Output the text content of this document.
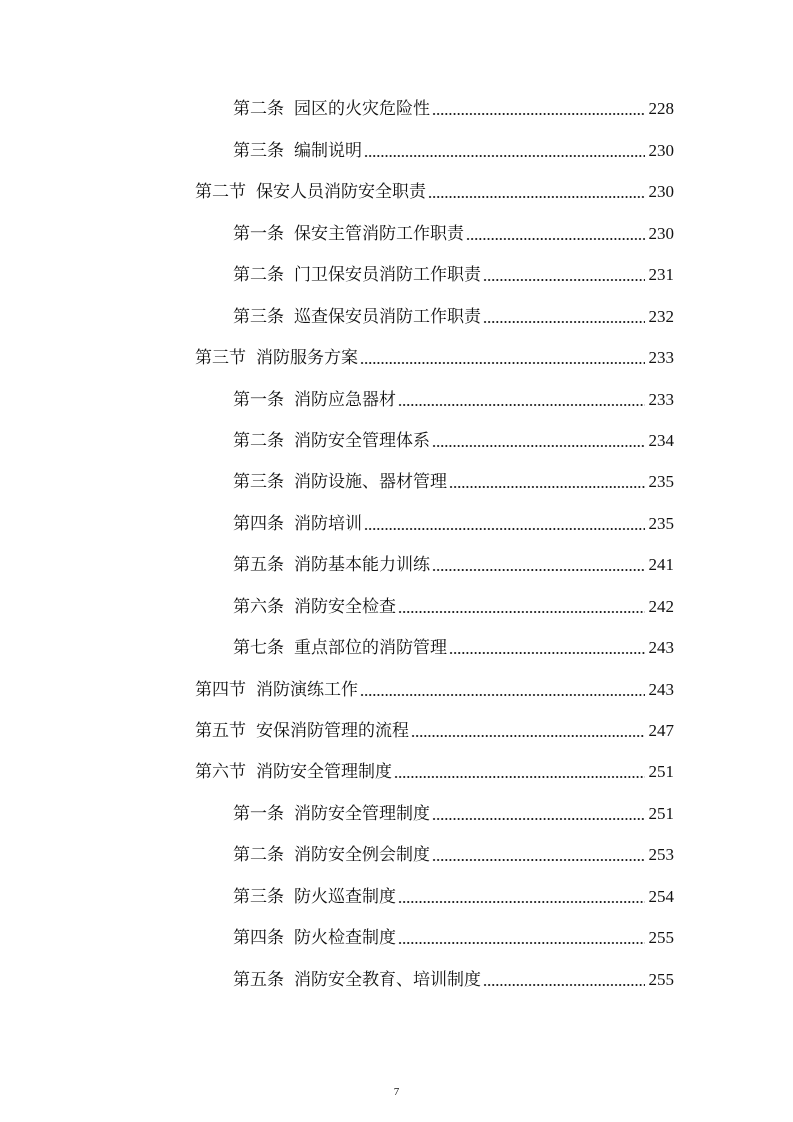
第二条 园区的火灾危险性	228
第三条 编制说明	230
第二节 保安人员消防安全职责	230
第一条 保安主管消防工作职责	230
第二条 门卫保安员消防工作职责	231
第三条 巡查保安员消防工作职责	232
第三节 消防服务方案	233
第一条 消防应急器材	233
第二条 消防安全管理体系	234
第三条 消防设施、器材管理	235
第四条 消防培训	235
第五条 消防基本能力训练	241
第六条 消防安全检查	242
第七条 重点部位的消防管理	243
第四节 消防演练工作	243
第五节 安保消防管理的流程	247
第六节 消防安全管理制度	251
第一条 消防安全管理制度	251
第二条 消防安全例会制度	253
第三条 防火巡查制度	254
第四条 防火检查制度	255
第五条 消防安全教育、培训制度	255
7
